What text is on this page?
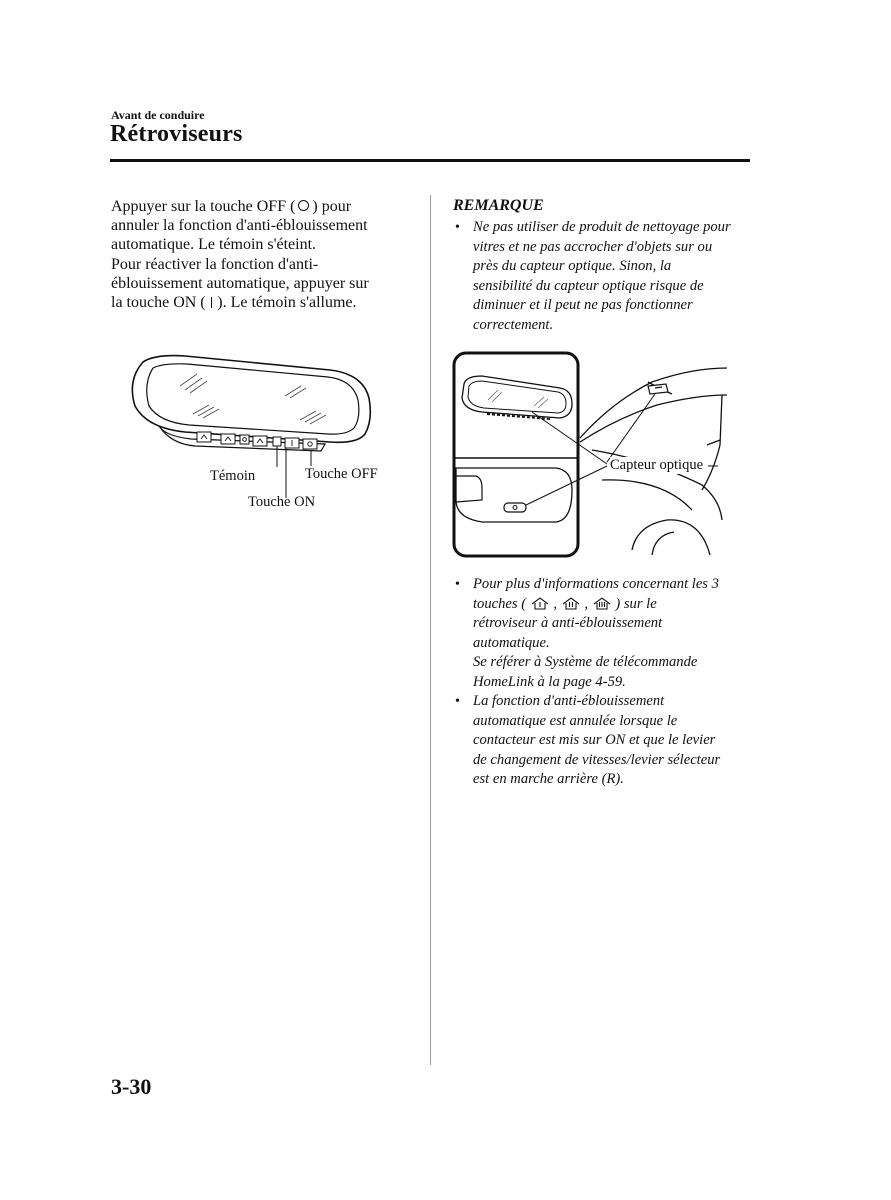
Avant de conduire
Rétroviseurs
Appuyer sur la touche OFF ( ) pour
annuler la fonction d'anti-éblouissement
automatique. Le témoin s'éteint.
Pour réactiver la fonction d'anti-
éblouissement automatique, appuyer sur
la touche ON ( ). Le témoin s'allume.
Témoin	Touche OFF
Touche ON
REMARQUE
• Ne pas utiliser de produit de nettoyage pour
vitres et ne pas accrocher d'objets sur ou
près du capteur optique. Sinon, la
sensibilité du capteur optique risque de
diminuer et il peut ne pas fonctionner
correctement.
Capteur optique
• Pour plus d'informations concernant les 3
touches ( , , ) sur le
rétroviseur à anti-éblouissement
automatique.
Se référer à Système de télécommande
HomeLink à la page 4-59.
• La fonction d'anti-éblouissement
automatique est annulée lorsque le
contacteur est mis sur ON et que le levier
de changement de vitesses/levier sélecteur
est en marche arrière (R).
3-30
